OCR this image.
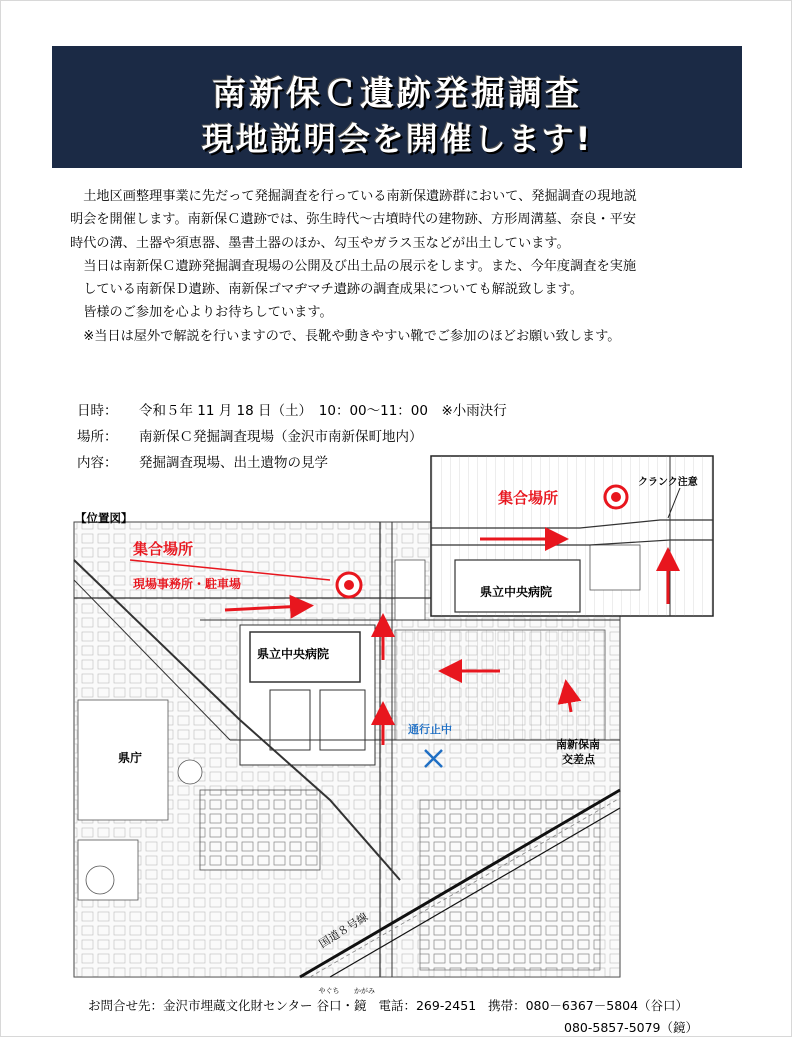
南新保Ｃ遺跡発掘調査
現地説明会を開催します!

　土地区画整理事業に先だって発掘調査を行っている南新保遺跡群において、発掘調査の現地説

明会を開催します。南新保Ｃ遺跡では、弥生時代～古墳時代の建物跡、方形周溝墓、奈良・平安

時代の溝、土器や須恵器、墨書土器のほか、勾玉やガラス玉などが出土しています。

　当日は南新保Ｃ遺跡発掘調査現場の公開及び出土品の展示をします。また、今年度調査を実施

　している南新保Ｄ遺跡、南新保ゴマヂマチ遺跡の調査成果についても解説致します。

　皆様のご参加を心よりお待ちしています。

　※当日は屋外で解説を行いますので、長靴や動きやすい靴でご参加のほどお願い致します。

日時：	令和５年 11 月 18 日（土）　10：00～11：00　※小雨決行
場所：	南新保Ｃ発掘調査現場（金沢市南新保町地内）
内容：	発掘調査現場、出土遺物の見学
集合場所
現場事務所・駐車場
県立中央病院
県庁
通行止中
南新保南
交差点
国道８号線
集合場所
クランク注意
県立中央病院
【位置図】
お問合せ先：金沢市埋蔵文化財センター
やぐち
谷口・
かがみ
鏡 電話：269-2451 携帯：080－6367－5804（谷口）
080-5857-5079（鏡）
